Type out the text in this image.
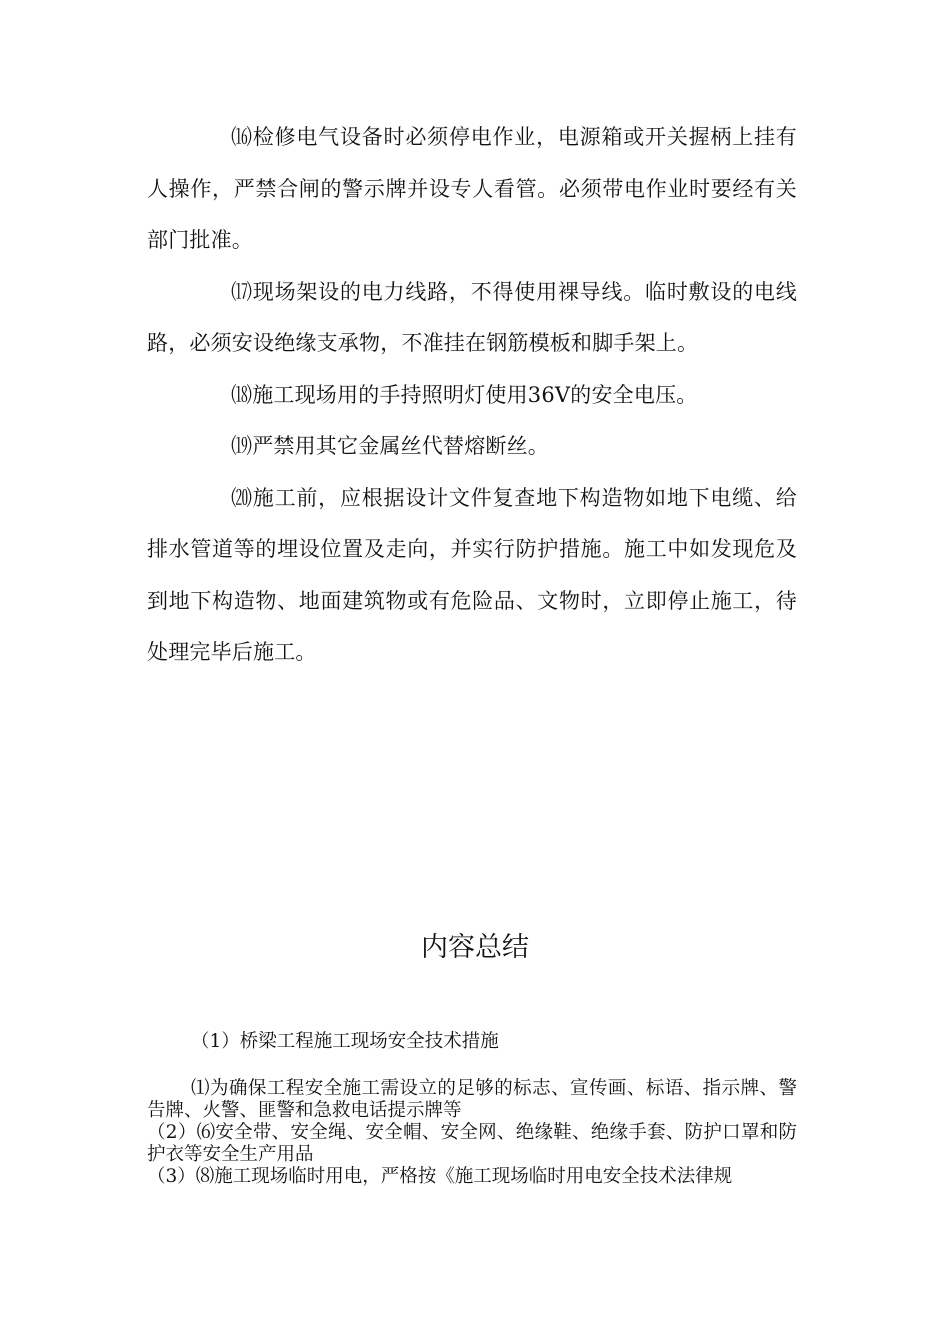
⒃检修电气设备时必须停电作业，电源箱或开关握柄上挂有人操作，严禁合闸的警示牌并设专人看管。必须带电作业时要经有关部门批准。

⒄现场架设的电力线路，不得使用裸导线。临时敷设的电线路，必须安设绝缘支承物，不准挂在钢筋模板和脚手架上。

⒅施工现场用的手持照明灯使用36V的安全电压。

⒆严禁用其它金属丝代替熔断丝。

⒇施工前，应根据设计文件复查地下构造物如地下电缆、给排水管道等的埋设位置及走向，并实行防护措施。施工中如发现危及到地下构造物、地面建筑物或有危险品、文物时，立即停止施工，待处理完毕后施工。

内容总结

（1）桥梁工程施工现场安全技术措施

⑴为确保工程安全施工需设立的足够的标志、宣传画、标语、指示牌、警告牌、火警、匪警和急救电话提示牌等

（2）⑹安全带、安全绳、安全帽、安全网、绝缘鞋、绝缘手套、防护口罩和防护衣等安全生产用品

（3）⑻施工现场临时用电，严格按《施工现场临时用电安全技术法律规
